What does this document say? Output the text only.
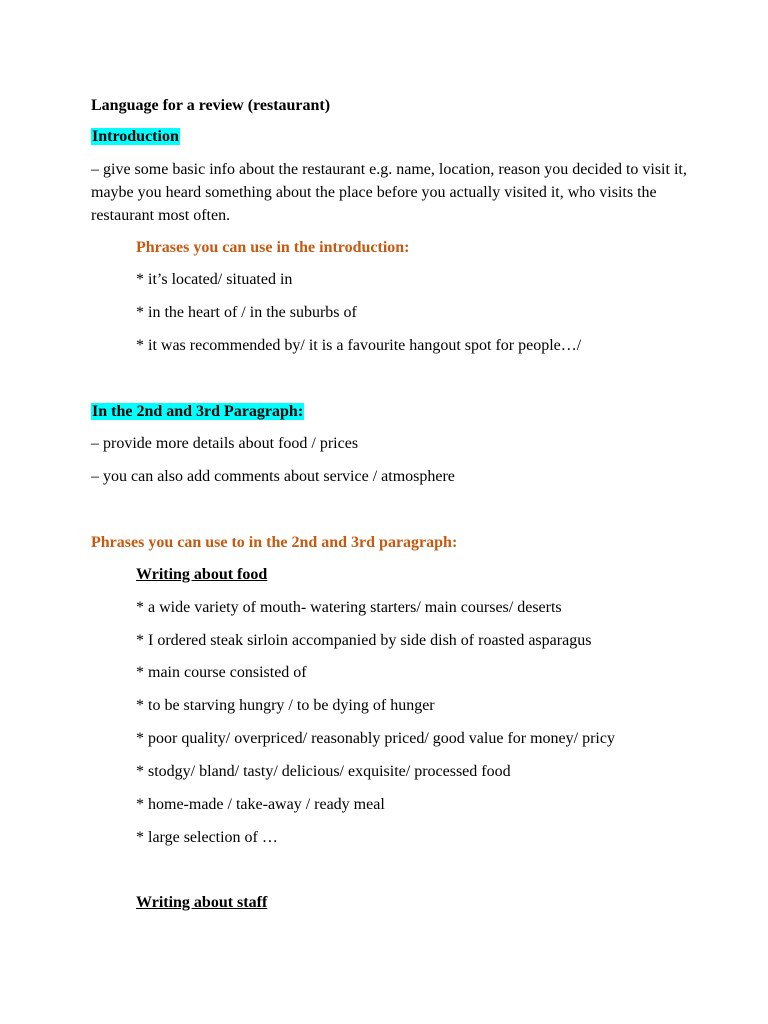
Language for a review (restaurant)
Introduction
– give some basic info about the restaurant e.g. name, location, reason you decided to visit it, maybe you heard something about the place before you actually visited it, who visits the restaurant most often.
Phrases you can use in the introduction:
* it’s located/ situated in
* in the heart of / in the suburbs of
* it was recommended by/ it is a favourite hangout spot for people…/
In the 2nd and 3rd Paragraph:
– provide more details about food / prices
– you can also add comments about service / atmosphere
Phrases you can use to in the 2nd and 3rd paragraph:
Writing about food
* a wide variety of mouth- watering starters/ main courses/ deserts
* I ordered steak sirloin accompanied by side dish of roasted asparagus
* main course consisted of
* to be starving hungry / to be dying of hunger
* poor quality/ overpriced/ reasonably priced/ good value for money/ pricy
* stodgy/ bland/ tasty/ delicious/ exquisite/ processed food
* home-made / take-away / ready meal
* large selection of …
Writing about staff
